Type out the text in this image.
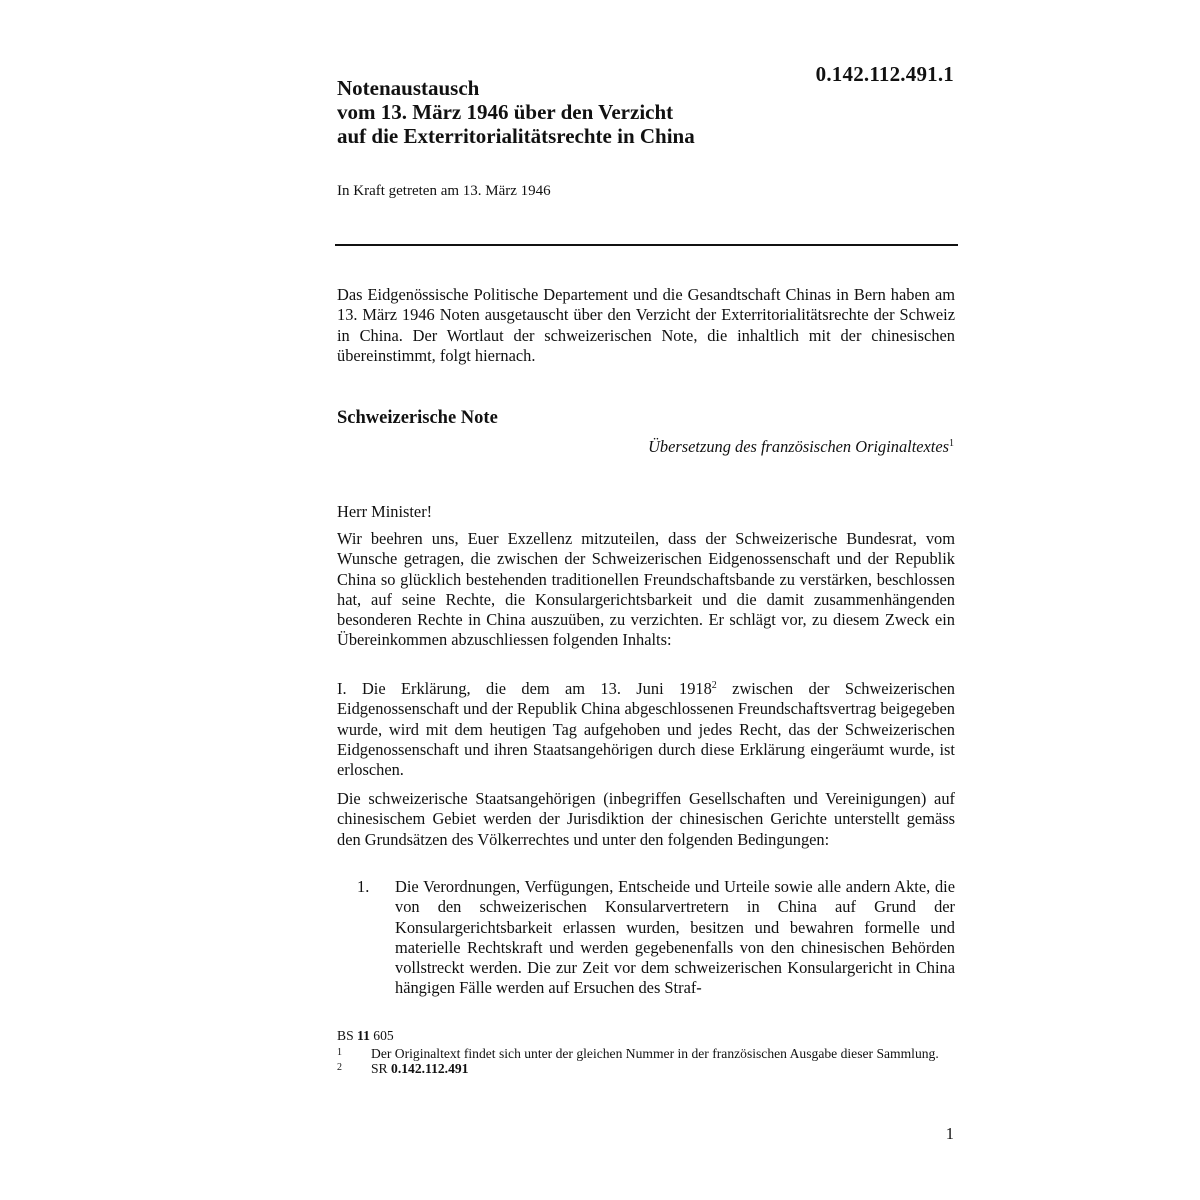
0.142.112.491.1
Notenaustausch
vom 13. März 1946 über den Verzicht
auf die Exterritorialitätsrechte in China
In Kraft getreten am 13. März 1946

Das Eidgenössische Politische Departement und die Gesandtschaft Chinas in Bern haben am 13. März 1946 Noten ausgetauscht über den Verzicht der Exterritorialitätsrechte der Schweiz in China. Der Wortlaut der schweizerischen Note, die inhaltlich mit der chinesischen übereinstimmt, folgt hiernach.

Schweizerische Note
Übersetzung des französischen Originaltextes$^1$

Herr Minister!

Wir beehren uns, Euer Exzellenz mitzuteilen, dass der Schweizerische Bundesrat, vom Wunsche getragen, die zwischen der Schweizerischen Eidgenossenschaft und der Republik China so glücklich bestehenden traditionellen Freundschaftsbande zu verstärken, beschlossen hat, auf seine Rechte, die Konsulargerichtsbarkeit und die damit zusammenhängenden besonderen Rechte in China auszuüben, zu verzichten. Er schlägt vor, zu diesem Zweck ein Übereinkommen abzuschliessen folgenden Inhalts:

I. Die Erklärung, die dem am 13. Juni 1918$^2$ zwischen der Schweizerischen Eidgenossenschaft und der Republik China abgeschlossenen Freundschaftsvertrag beigegeben wurde, wird mit dem heutigen Tag aufgehoben und jedes Recht, das der Schweizerischen Eidgenossenschaft und ihren Staatsangehörigen durch diese Erklärung eingeräumt wurde, ist erloschen.

Die schweizerische Staatsangehörigen (inbegriffen Gesellschaften und Vereinigungen) auf chinesischem Gebiet werden der Jurisdiktion der chinesischen Gerichte unterstellt gemäss den Grundsätzen des Völkerrechtes und unter den folgenden Bedingungen:

1.	Die Verordnungen, Verfügungen, Entscheide und Urteile sowie alle andern Akte, die von den schweizerischen Konsularvertretern in China auf Grund der Konsulargerichtsbarkeit erlassen wurden, besitzen und bewahren formelle und materielle Rechtskraft und werden gegebenenfalls von den chinesischen Behörden vollstreckt werden. Die zur Zeit vor dem schweizerischen Konsulargericht in China hängigen Fälle werden auf Ersuchen des Straf-
BS 11 605
1	Der Originaltext findet sich unter der gleichen Nummer in der französischen Ausgabe dieser Sammlung.
2	SR 0.142.112.491
1
